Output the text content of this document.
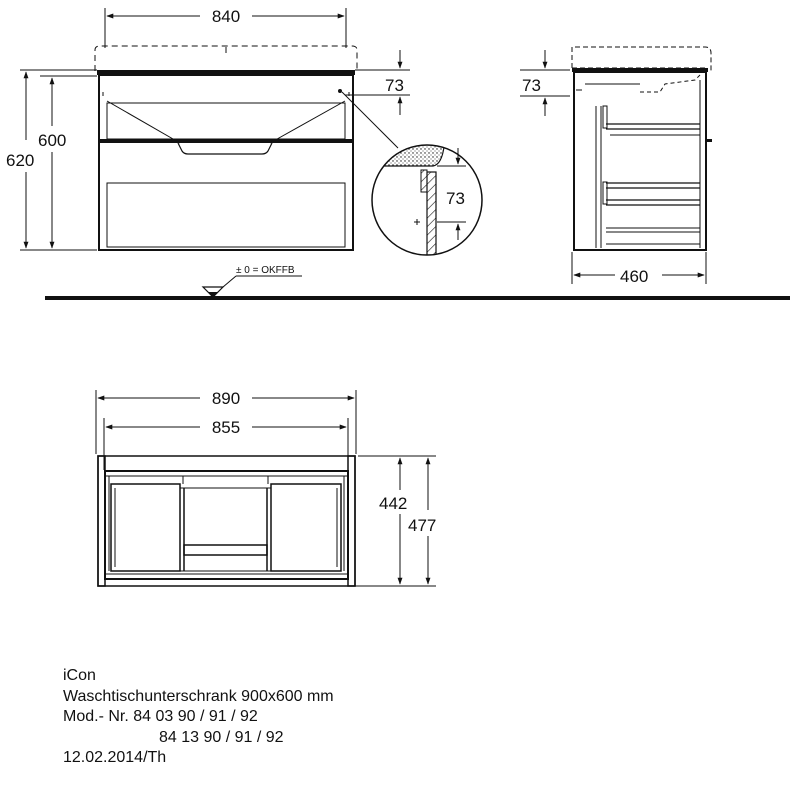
840
620
600
73
73
73
460
± 0 = OKFFB
890
855
442
477
iCon
Waschtischunterschrank 900x600 mm
Mod.- Nr. 84 03 90 / 91 / 92
84 13 90 / 91 / 92
12.02.2014/Th
